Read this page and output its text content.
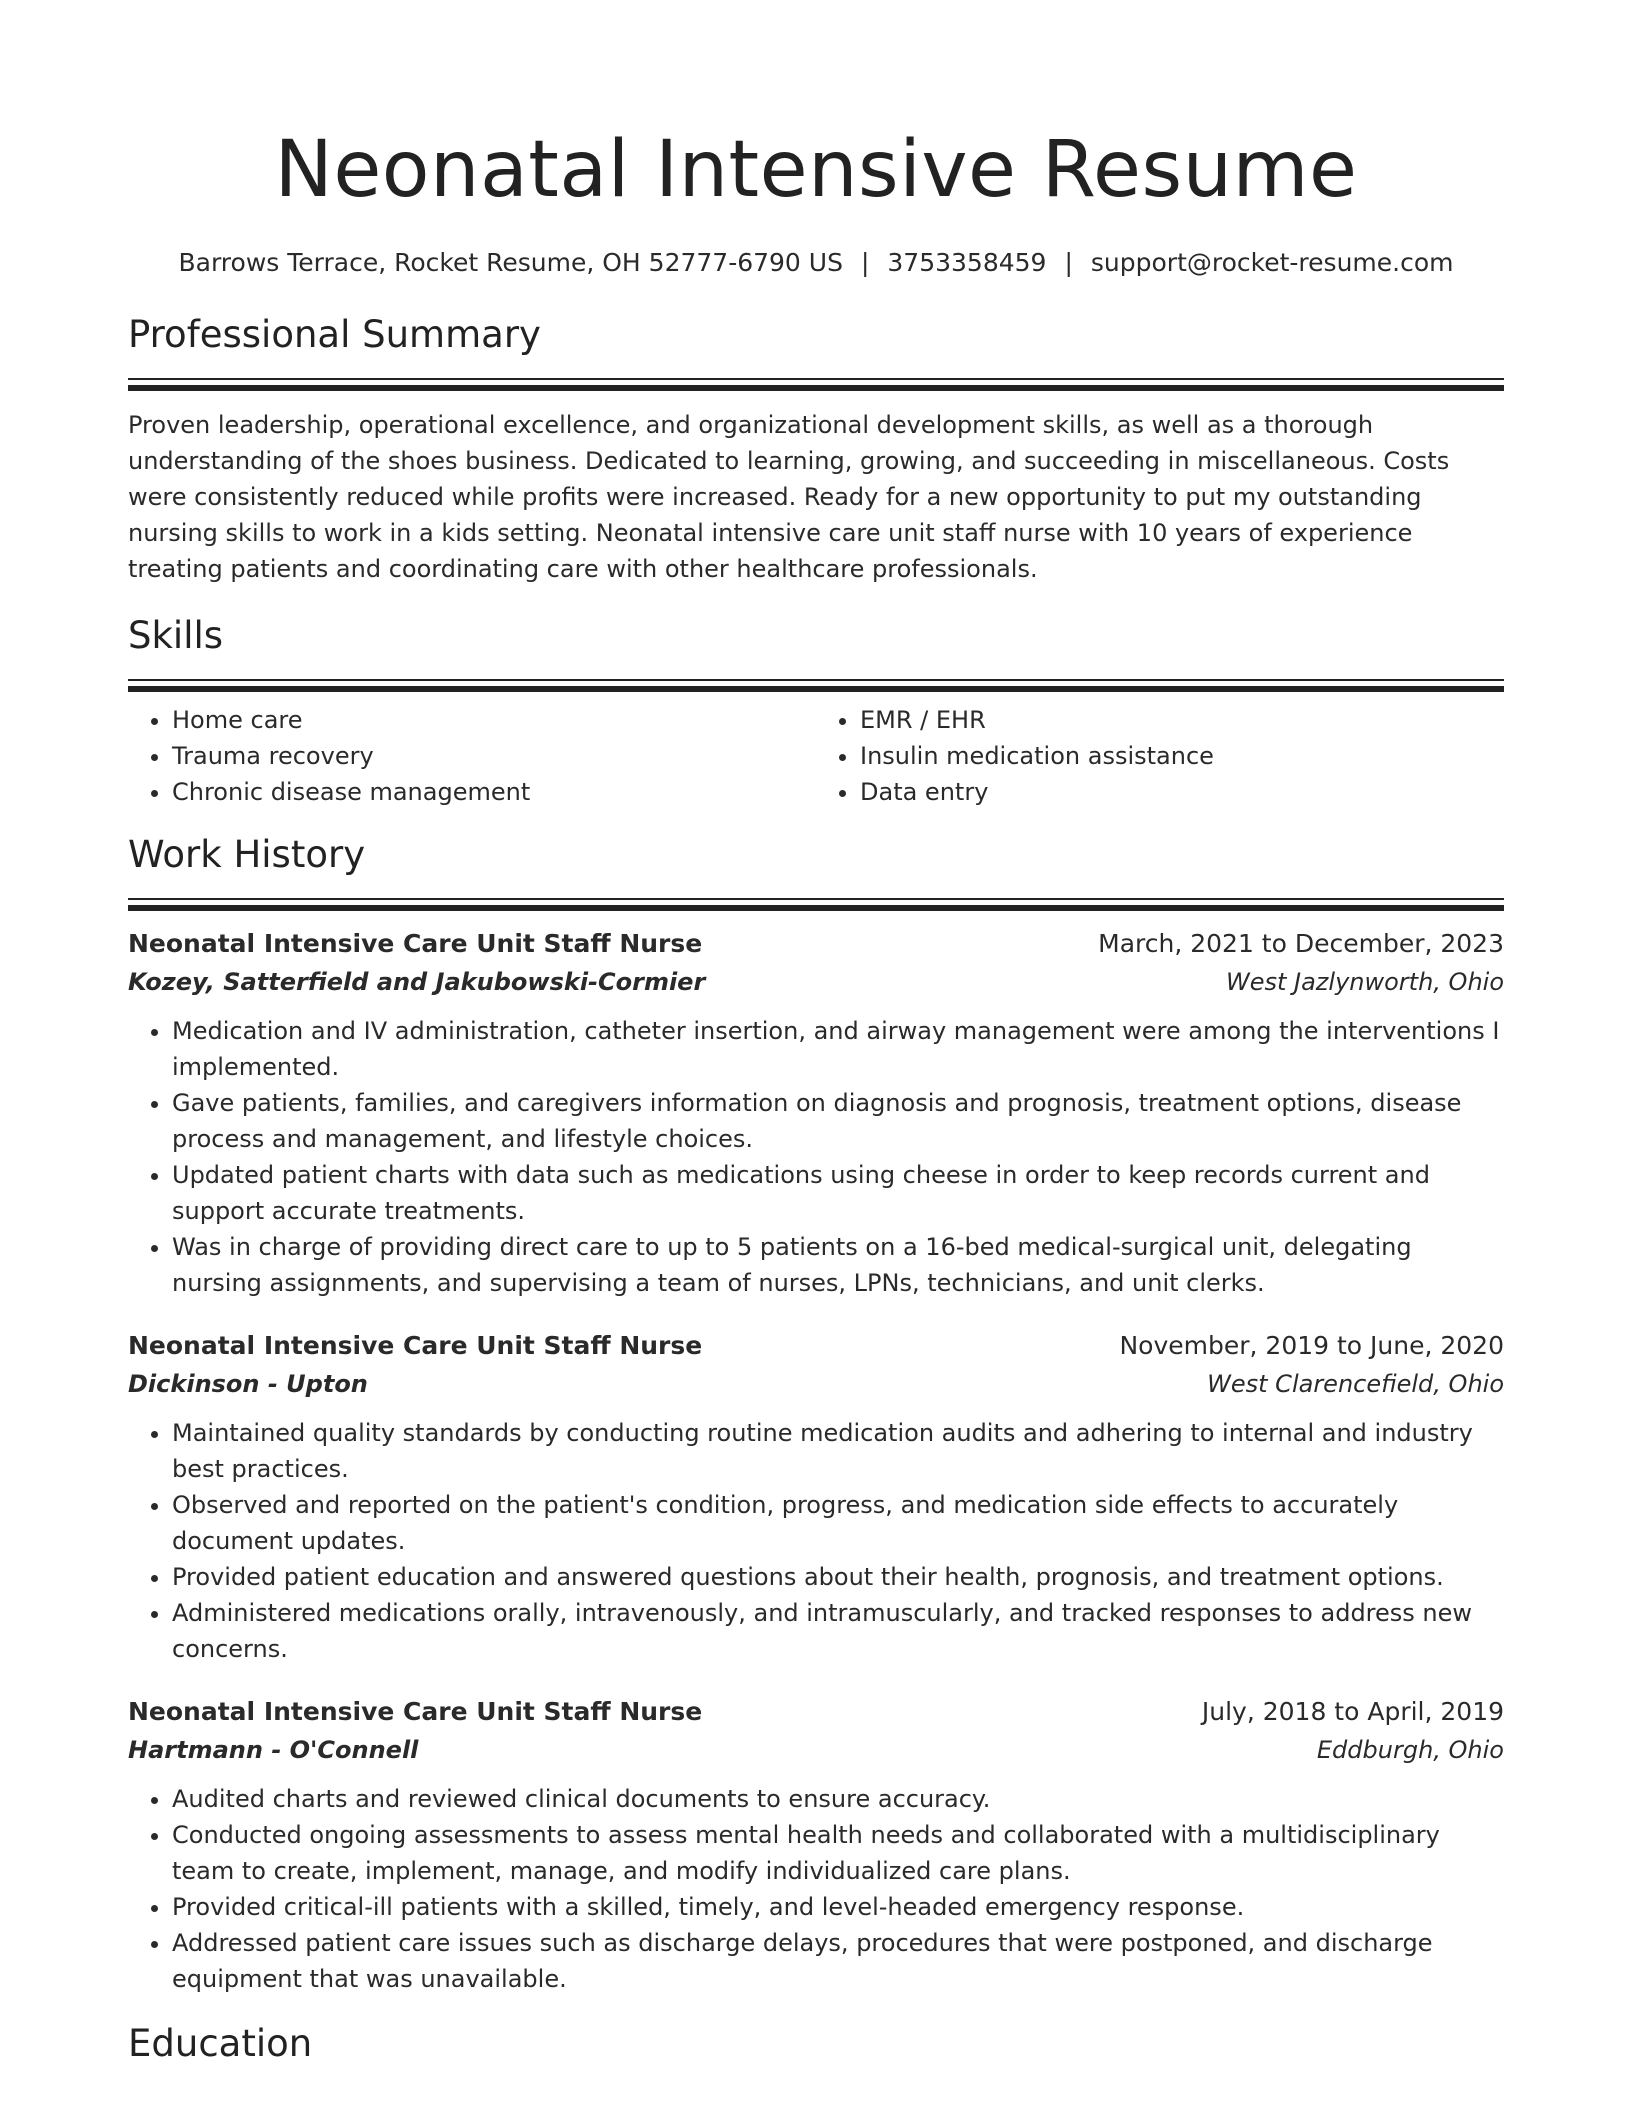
Neonatal Intensive Resume
Barrows Terrace, Rocket Resume, OH 52777-6790 US | 3753358459 | support@rocket-resume.com
Professional Summary

Proven leadership, operational excellence, and organizational development skills, as well as a thorough understanding of the shoes business. Dedicated to learning, growing, and succeeding in miscellaneous. Costs were consistently reduced while profits were increased. Ready for a new opportunity to put my outstanding nursing skills to work in a kids setting. Neonatal intensive care unit staff nurse with 10 years of experience treating patients and coordinating care with other healthcare professionals.

Skills
• Home care
• Trauma recovery
• Chronic disease management
• EMR / EHR
• Insulin medication assistance
• Data entry
Work History
Neonatal Intensive Care Unit Staff Nurse	March, 2021 to December, 2023
Kozey, Satterfield and Jakubowski-Cormier	West Jazlynworth, Ohio
• Medication and IV administration, catheter insertion, and airway management were among the interventions I implemented.
• Gave patients, families, and caregivers information on diagnosis and prognosis, treatment options, disease process and management, and lifestyle choices.
• Updated patient charts with data such as medications using cheese in order to keep records current and support accurate treatments.
• Was in charge of providing direct care to up to 5 patients on a 16-bed medical-surgical unit, delegating nursing assignments, and supervising a team of nurses, LPNs, technicians, and unit clerks.
Neonatal Intensive Care Unit Staff Nurse	November, 2019 to June, 2020
Dickinson - Upton	West Clarencefield, Ohio
• Maintained quality standards by conducting routine medication audits and adhering to internal and industry best practices.
• Observed and reported on the patient's condition, progress, and medication side effects to accurately document updates.
• Provided patient education and answered questions about their health, prognosis, and treatment options.
• Administered medications orally, intravenously, and intramuscularly, and tracked responses to address new concerns.
Neonatal Intensive Care Unit Staff Nurse	July, 2018 to April, 2019
Hartmann - O'Connell	Eddburgh, Ohio
• Audited charts and reviewed clinical documents to ensure accuracy.
• Conducted ongoing assessments to assess mental health needs and collaborated with a multidisciplinary team to create, implement, manage, and modify individualized care plans.
• Provided critical-ill patients with a skilled, timely, and level-headed emergency response.
• Addressed patient care issues such as discharge delays, procedures that were postponed, and discharge equipment that was unavailable.
Education
